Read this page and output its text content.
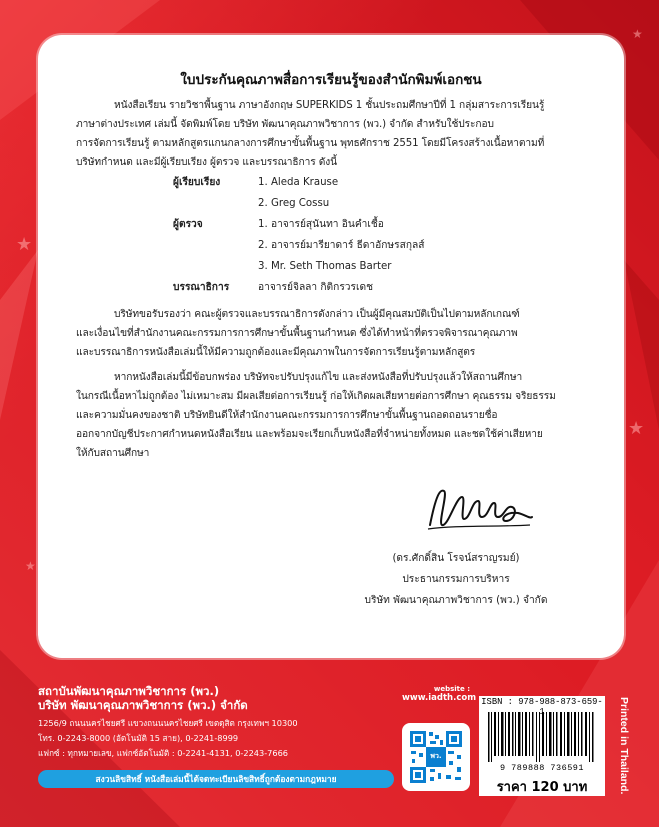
★
★
★
★
ใบประกันคุณภาพสื่อการเรียนรู้ของสำนักพิมพ์เอกชน
หนังสือเรียน รายวิชาพื้นฐาน ภาษาอังกฤษ SUPERKIDS 1 ชั้นประถมศึกษาปีที่ 1 กลุ่มสาระการเรียนรู้
ภาษาต่างประเทศ เล่มนี้ จัดพิมพ์โดย บริษัท พัฒนาคุณภาพวิชาการ (พว.) จำกัด สำหรับใช้ประกอบ
การจัดการเรียนรู้ ตามหลักสูตรแกนกลางการศึกษาขั้นพื้นฐาน พุทธศักราช 2551 โดยมีโครงสร้างเนื้อหาตามที่
บริษัทกำหนด และมีผู้เรียบเรียง ผู้ตรวจ และบรรณาธิการ ดังนี้
ผู้เรียบเรียง	1. Aleda Krause
2. Greg Cossu
ผู้ตรวจ	1. อาจารย์สุนันทา อินคำเชื้อ
2. อาจารย์มารียาดาร์ ธีดาอักษรสกุลส์
3. Mr. Seth Thomas Barter
บรรณาธิการ	อาจารย์จิลลา กิติกรวรเดช
บริษัทขอรับรองว่า คณะผู้ตรวจและบรรณาธิการดังกล่าว เป็นผู้มีคุณสมบัติเป็นไปตามหลักเกณฑ์
และเงื่อนไขที่สำนักงานคณะกรรมการการศึกษาขั้นพื้นฐานกำหนด ซึ่งได้ทำหน้าที่ตรวจพิจารณาคุณภาพ
และบรรณาธิการหนังสือเล่มนี้ให้มีความถูกต้องและมีคุณภาพในการจัดการเรียนรู้ตามหลักสูตร
หากหนังสือเล่มนี้มีข้อบกพร่อง บริษัทจะปรับปรุงแก้ไข และส่งหนังสือที่ปรับปรุงแล้วให้สถานศึกษา
ในกรณีเนื้อหาไม่ถูกต้อง ไม่เหมาะสม มีผลเสียต่อการเรียนรู้ ก่อให้เกิดผลเสียหายต่อการศึกษา คุณธรรม จริยธรรม
และความมั่นคงของชาติ บริษัทยินดีให้สำนักงานคณะกรรมการการศึกษาขั้นพื้นฐานถอดถอนรายชื่อ
ออกจากบัญชีประกาศกำหนดหนังสือเรียน และพร้อมจะเรียกเก็บหนังสือที่จำหน่ายทั้งหมด และชดใช้ค่าเสียหาย
ให้กับสถานศึกษา
(ดร.ศักดิ์สิน โรจน์สราญรมย์)
ประธานกรรมการบริหาร
บริษัท พัฒนาคุณภาพวิชาการ (พว.) จำกัด
สถาบันพัฒนาคุณภาพวิชาการ (พว.)
บริษัท พัฒนาคุณภาพวิชาการ (พว.) จำกัด
1256/9 ถนนนครไชยศรี แขวงถนนนครไชยศรี เขตดุสิต กรุงเทพฯ 10300
โทร. 0-2243-8000 (อัตโนมัติ 15 สาย), 0-2241-8999
แฟกซ์ : ทุกหมายเลข, แฟกซ์อัตโนมัติ : 0-2241-4131, 0-2243-7666
สงวนลิขสิทธิ์ หนังสือเล่มนี้ได้จดทะเบียนลิขสิทธิ์ถูกต้องตามกฎหมาย
website :
www.iadth.com
พว.
ISBN : 978-988-873-659-1
9 789888 736591
ราคา 120 บาท	Printed in Thailand.
